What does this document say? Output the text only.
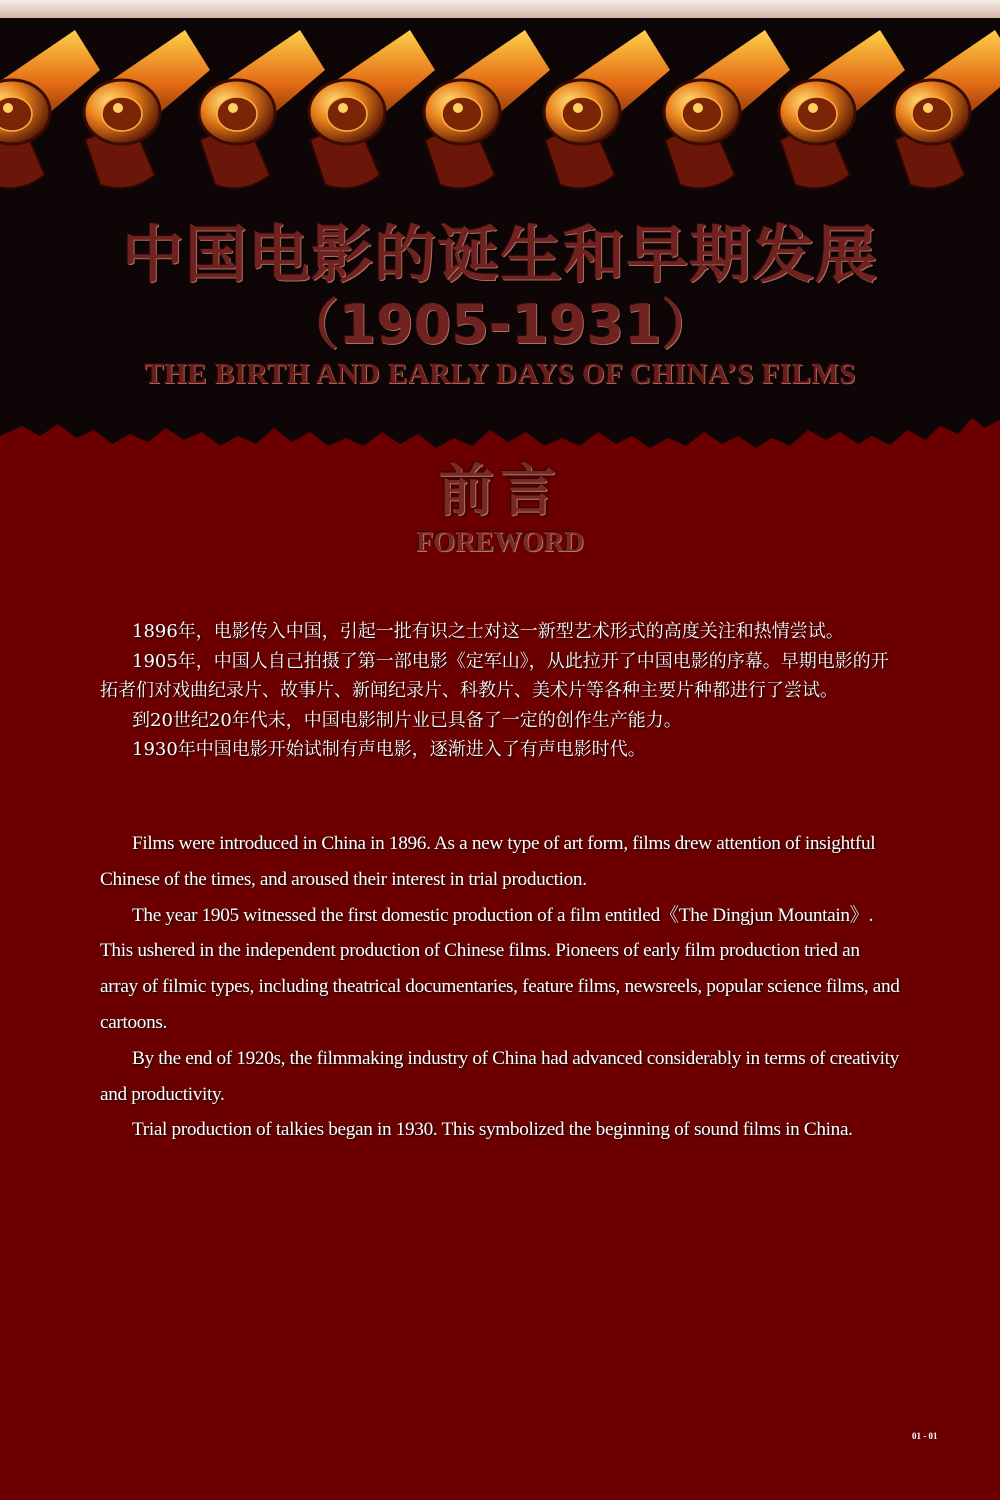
中国电影的诞生和早期发展
（1905-1931）
THE BIRTH AND EARLY DAYS OF CHINA’S FILMS
前言
FOREWORD

1896年，电影传入中国，引起一批有识之士对这一新型艺术形式的高度关注和热情尝试。

1905年，中国人自己拍摄了第一部电影《定军山》，从此拉开了中国电影的序幕。早期电影的开拓者们对戏曲纪录片、故事片、新闻纪录片、科教片、美术片等各种主要片种都进行了尝试。

到20世纪20年代末，中国电影制片业已具备了一定的创作生产能力。

1930年中国电影开始试制有声电影，逐渐进入了有声电影时代。

Films were introduced in China in 1896. As a new type of art form, films drew attention of insightful Chinese of the times, and aroused their interest in trial production.

The year 1905 witnessed the first domestic production of a film entitled《The Dingjun Mountain》. This ushered in the independent production of Chinese films. Pioneers of early film production tried an array of filmic types, including theatrical documentaries, feature films, newsreels, popular science films, and cartoons.

By the end of 1920s, the filmmaking industry of China had advanced considerably in terms of creativity and productivity.

Trial production of talkies began in 1930. This symbolized the beginning of sound films in China.

01 - 01
